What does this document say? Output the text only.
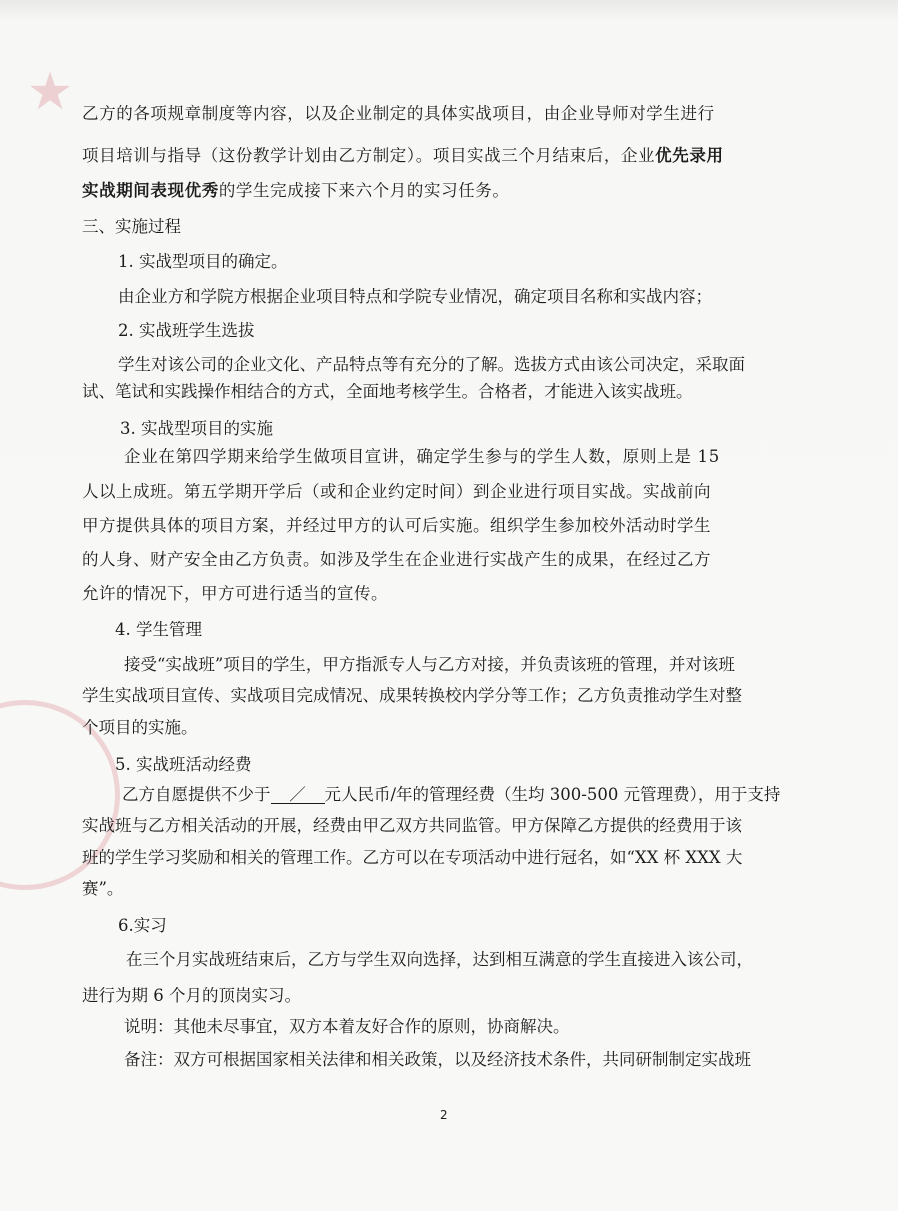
★ 乙方的各项规章制度等内容，以及企业制定的具体实战项目，由企业导师对学生进行
项目培训与指导（这份教学计划由乙方制定）。项目实战三个月结束后，企业优先录用
实战期间表现优秀的学生完成接下来六个月的实习任务。
三、实施过程
1. 实战型项目的确定。
由企业方和学院方根据企业项目特点和学院专业情况，确定项目名称和实战内容；
2. 实战班学生选拔
学生对该公司的企业文化、产品特点等有充分的了解。选拔方式由该公司决定，采取面
试、笔试和实践操作相结合的方式，全面地考核学生。合格者，才能进入该实战班。
3. 实战型项目的实施
企业在第四学期来给学生做项目宣讲，确定学生参与的学生人数，原则上是 15
人以上成班。第五学期开学后（或和企业约定时间）到企业进行项目实战。实战前向
甲方提供具体的项目方案，并经过甲方的认可后实施。组织学生参加校外活动时学生
的人身、财产安全由乙方负责。如涉及学生在企业进行实战产生的成果，在经过乙方
允许的情况下，甲方可进行适当的宣传。
4. 学生管理
接受“实战班”项目的学生，甲方指派专人与乙方对接，并负责该班的管理，并对该班
学生实战项目宣传、实战项目完成情况、成果转换校内学分等工作；乙方负责推动学生对整
个项目的实施。
5. 实战班活动经费
乙方自愿提供不少于 ／ 元人民币/年的管理经费（生均 300-500 元管理费），用于支持
实战班与乙方相关活动的开展，经费由甲乙双方共同监管。甲方保障乙方提供的经费用于该
班的学生学习奖励和相关的管理工作。乙方可以在专项活动中进行冠名，如“XX 杯 XXX 大
赛”。
6.实习
在三个月实战班结束后，乙方与学生双向选择，达到相互满意的学生直接进入该公司，
进行为期 6 个月的顶岗实习。
说明：其他未尽事宜，双方本着友好合作的原则，协商解决。
备注：双方可根据国家相关法律和相关政策，以及经济技术条件，共同研制制定实战班
2
